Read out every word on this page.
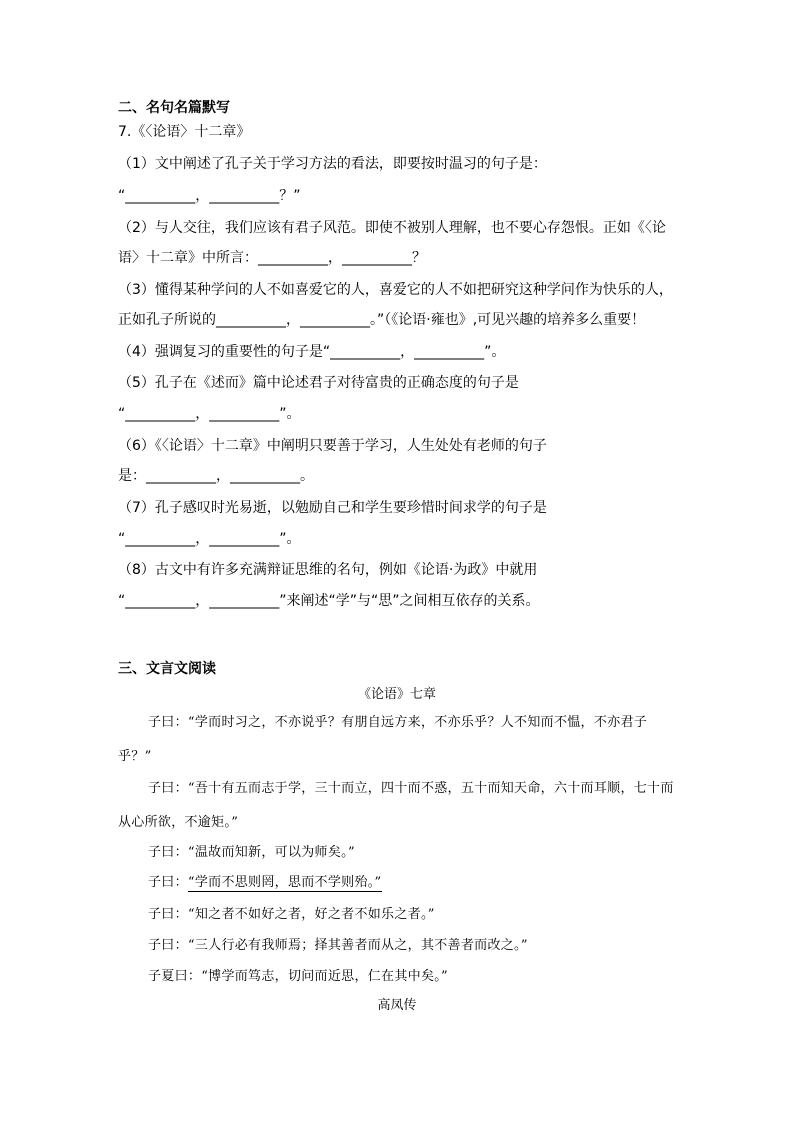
二、名句名篇默写
7.《〈论语〉十二章》
（1）文中阐述了孔子关于学习方法的看法，即要按时温习的句子是：
“__________，__________？”
（2）与人交往，我们应该有君子风范。即使不被别人理解，也不要心存怨恨。正如《〈论
语〉十二章》中所言：__________，__________？
（3）懂得某种学问的人不如喜爱它的人，喜爱它的人不如把研究这种学问作为快乐的人，
正如孔子所说的__________，__________。”（《论语·雍也》,可见兴趣的培养多么重要！
（4）强调复习的重要性的句子是“__________，__________”。
（5）孔子在《述而》篇中论述君子对待富贵的正确态度的句子是
“__________，__________”。
（6）《〈论语〉十二章》中阐明只要善于学习，人生处处有老师的句子
是：__________，__________。
（7）孔子感叹时光易逝，以勉励自己和学生要珍惜时间求学的句子是
“__________，__________”。
（8）古文中有许多充满辩证思维的名句，例如《论语·为政》中就用
“__________，__________”来阐述“学”与“思”之间相互依存的关系。
三、文言文阅读
《论语》七章
子曰：“学而时习之，不亦说乎？有朋自远方来，不亦乐乎？人不知而不愠，不亦君子乎？”
子曰：“吾十有五而志于学，三十而立，四十而不惑，五十而知天命，六十而耳顺，七十而从心所欲，不逾矩。”
子曰：“温故而知新，可以为师矣。”
子曰：“学而不思则罔，思而不学则殆。”
子曰：“知之者不如好之者，好之者不如乐之者。”
子曰：“三人行必有我师焉；择其善者而从之，其不善者而改之。”
子夏曰：“博学而笃志，切问而近思，仁在其中矣。”
高凤传
